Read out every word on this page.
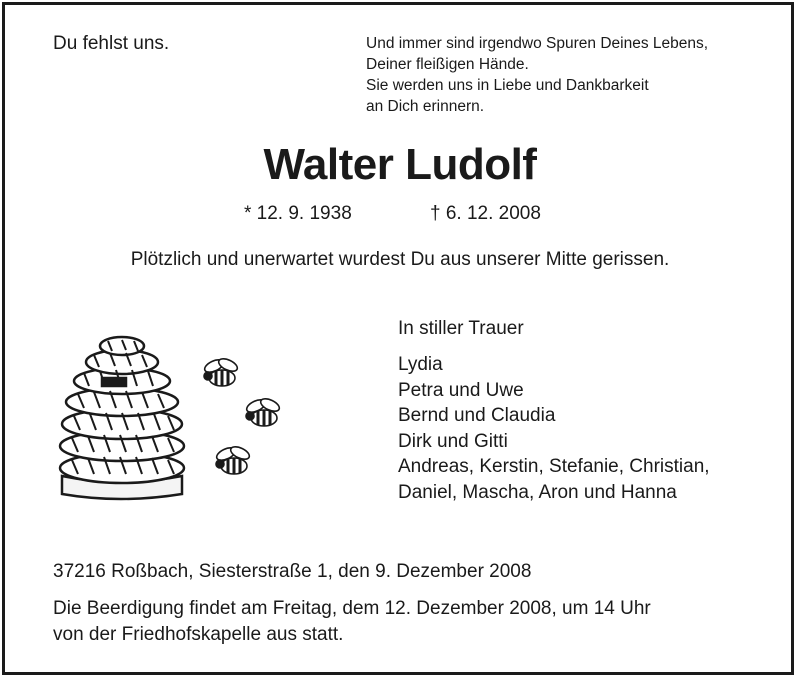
Du fehlst uns.	Und immer sind irgendwo Spuren Deines Lebens,
Deiner fleißigen Hände.
Sie werden uns in Liebe und Dankbarkeit
an Dich erinnern.
Walter Ludolf
* 12. 9. 1938	† 6. 12. 2008
Plötzlich und unerwartet wurdest Du aus unserer Mitte gerissen.
In stiller Trauer
Lydia
Petra und Uwe
Bernd und Claudia
Dirk und Gitti
Andreas, Kerstin, Stefanie, Christian,
Daniel, Mascha, Aron und Hanna
37216 Roßbach, Siesterstraße 1, den 9. Dezember 2008
Die Beerdigung findet am Freitag, dem 12. Dezember 2008, um 14 Uhr
von der Friedhofskapelle aus statt.
